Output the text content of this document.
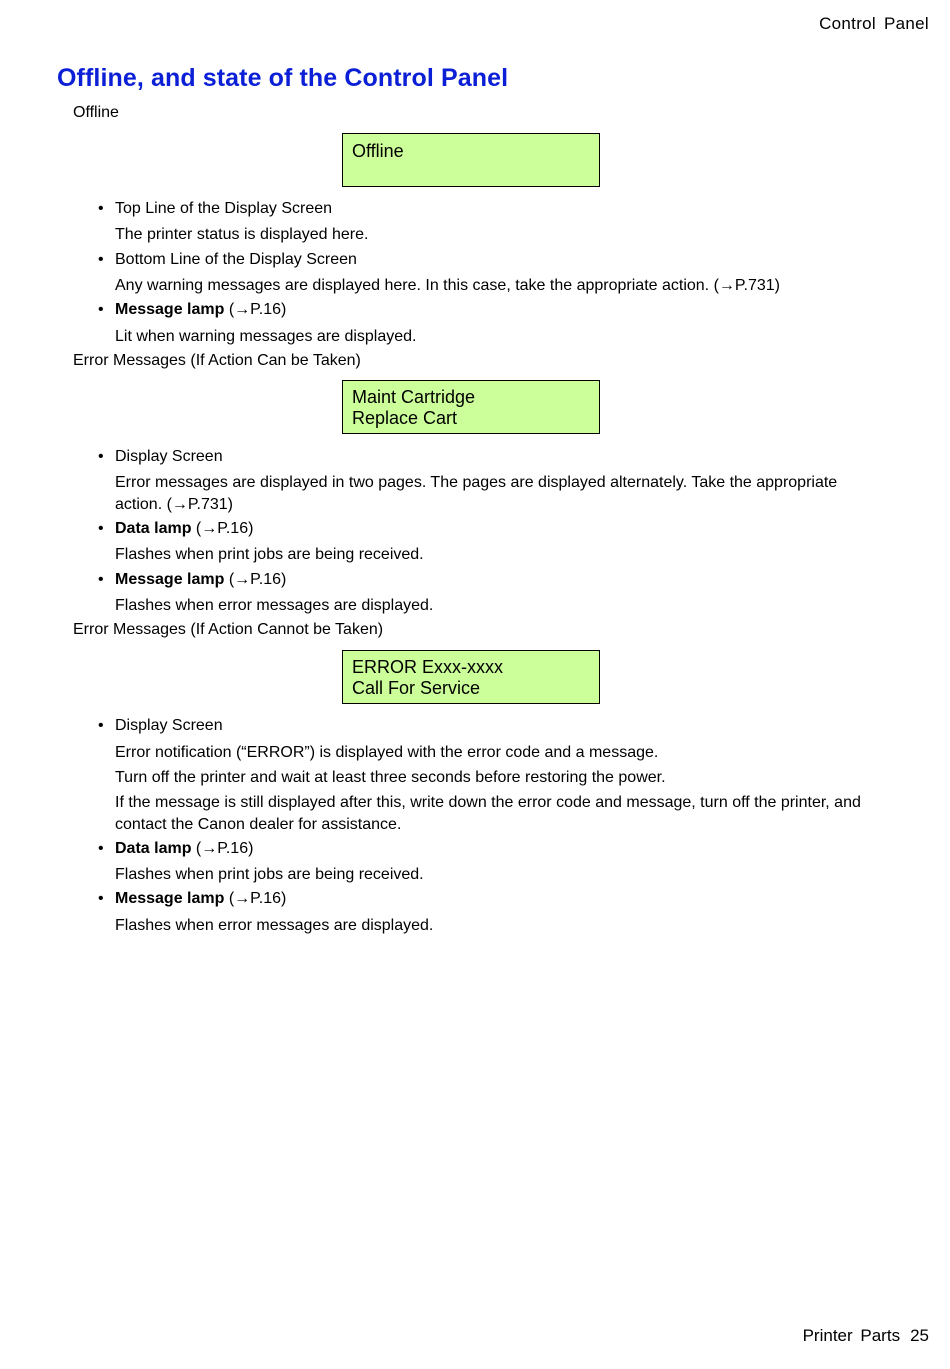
Control Panel
Offline, and state of the Control Panel
Offline
Offline
• Top Line of the Display Screen
The printer status is displayed here.
• Bottom Line of the Display Screen
Any warning messages are displayed here. In this case, take the appropriate action. (→P.731)
• Message lamp (→P.16)
Lit when warning messages are displayed.
Error Messages (If Action Can be Taken)
Maint Cartridge
Replace Cart
• Display Screen
Error messages are displayed in two pages. The pages are displayed alternately. Take the appropriate action. (→P.731)
• Data lamp (→P.16)
Flashes when print jobs are being received.
• Message lamp (→P.16)
Flashes when error messages are displayed.
Error Messages (If Action Cannot be Taken)
ERROR Exxx-xxxx
Call For Service
• Display Screen
Error notification (“ERROR”) is displayed with the error code and a message.
Turn off the printer and wait at least three seconds before restoring the power.
If the message is still displayed after this, write down the error code and message, turn off the printer, and contact the Canon dealer for assistance.
• Data lamp (→P.16)
Flashes when print jobs are being received.
• Message lamp (→P.16)
Flashes when error messages are displayed.
Printer Parts 25
